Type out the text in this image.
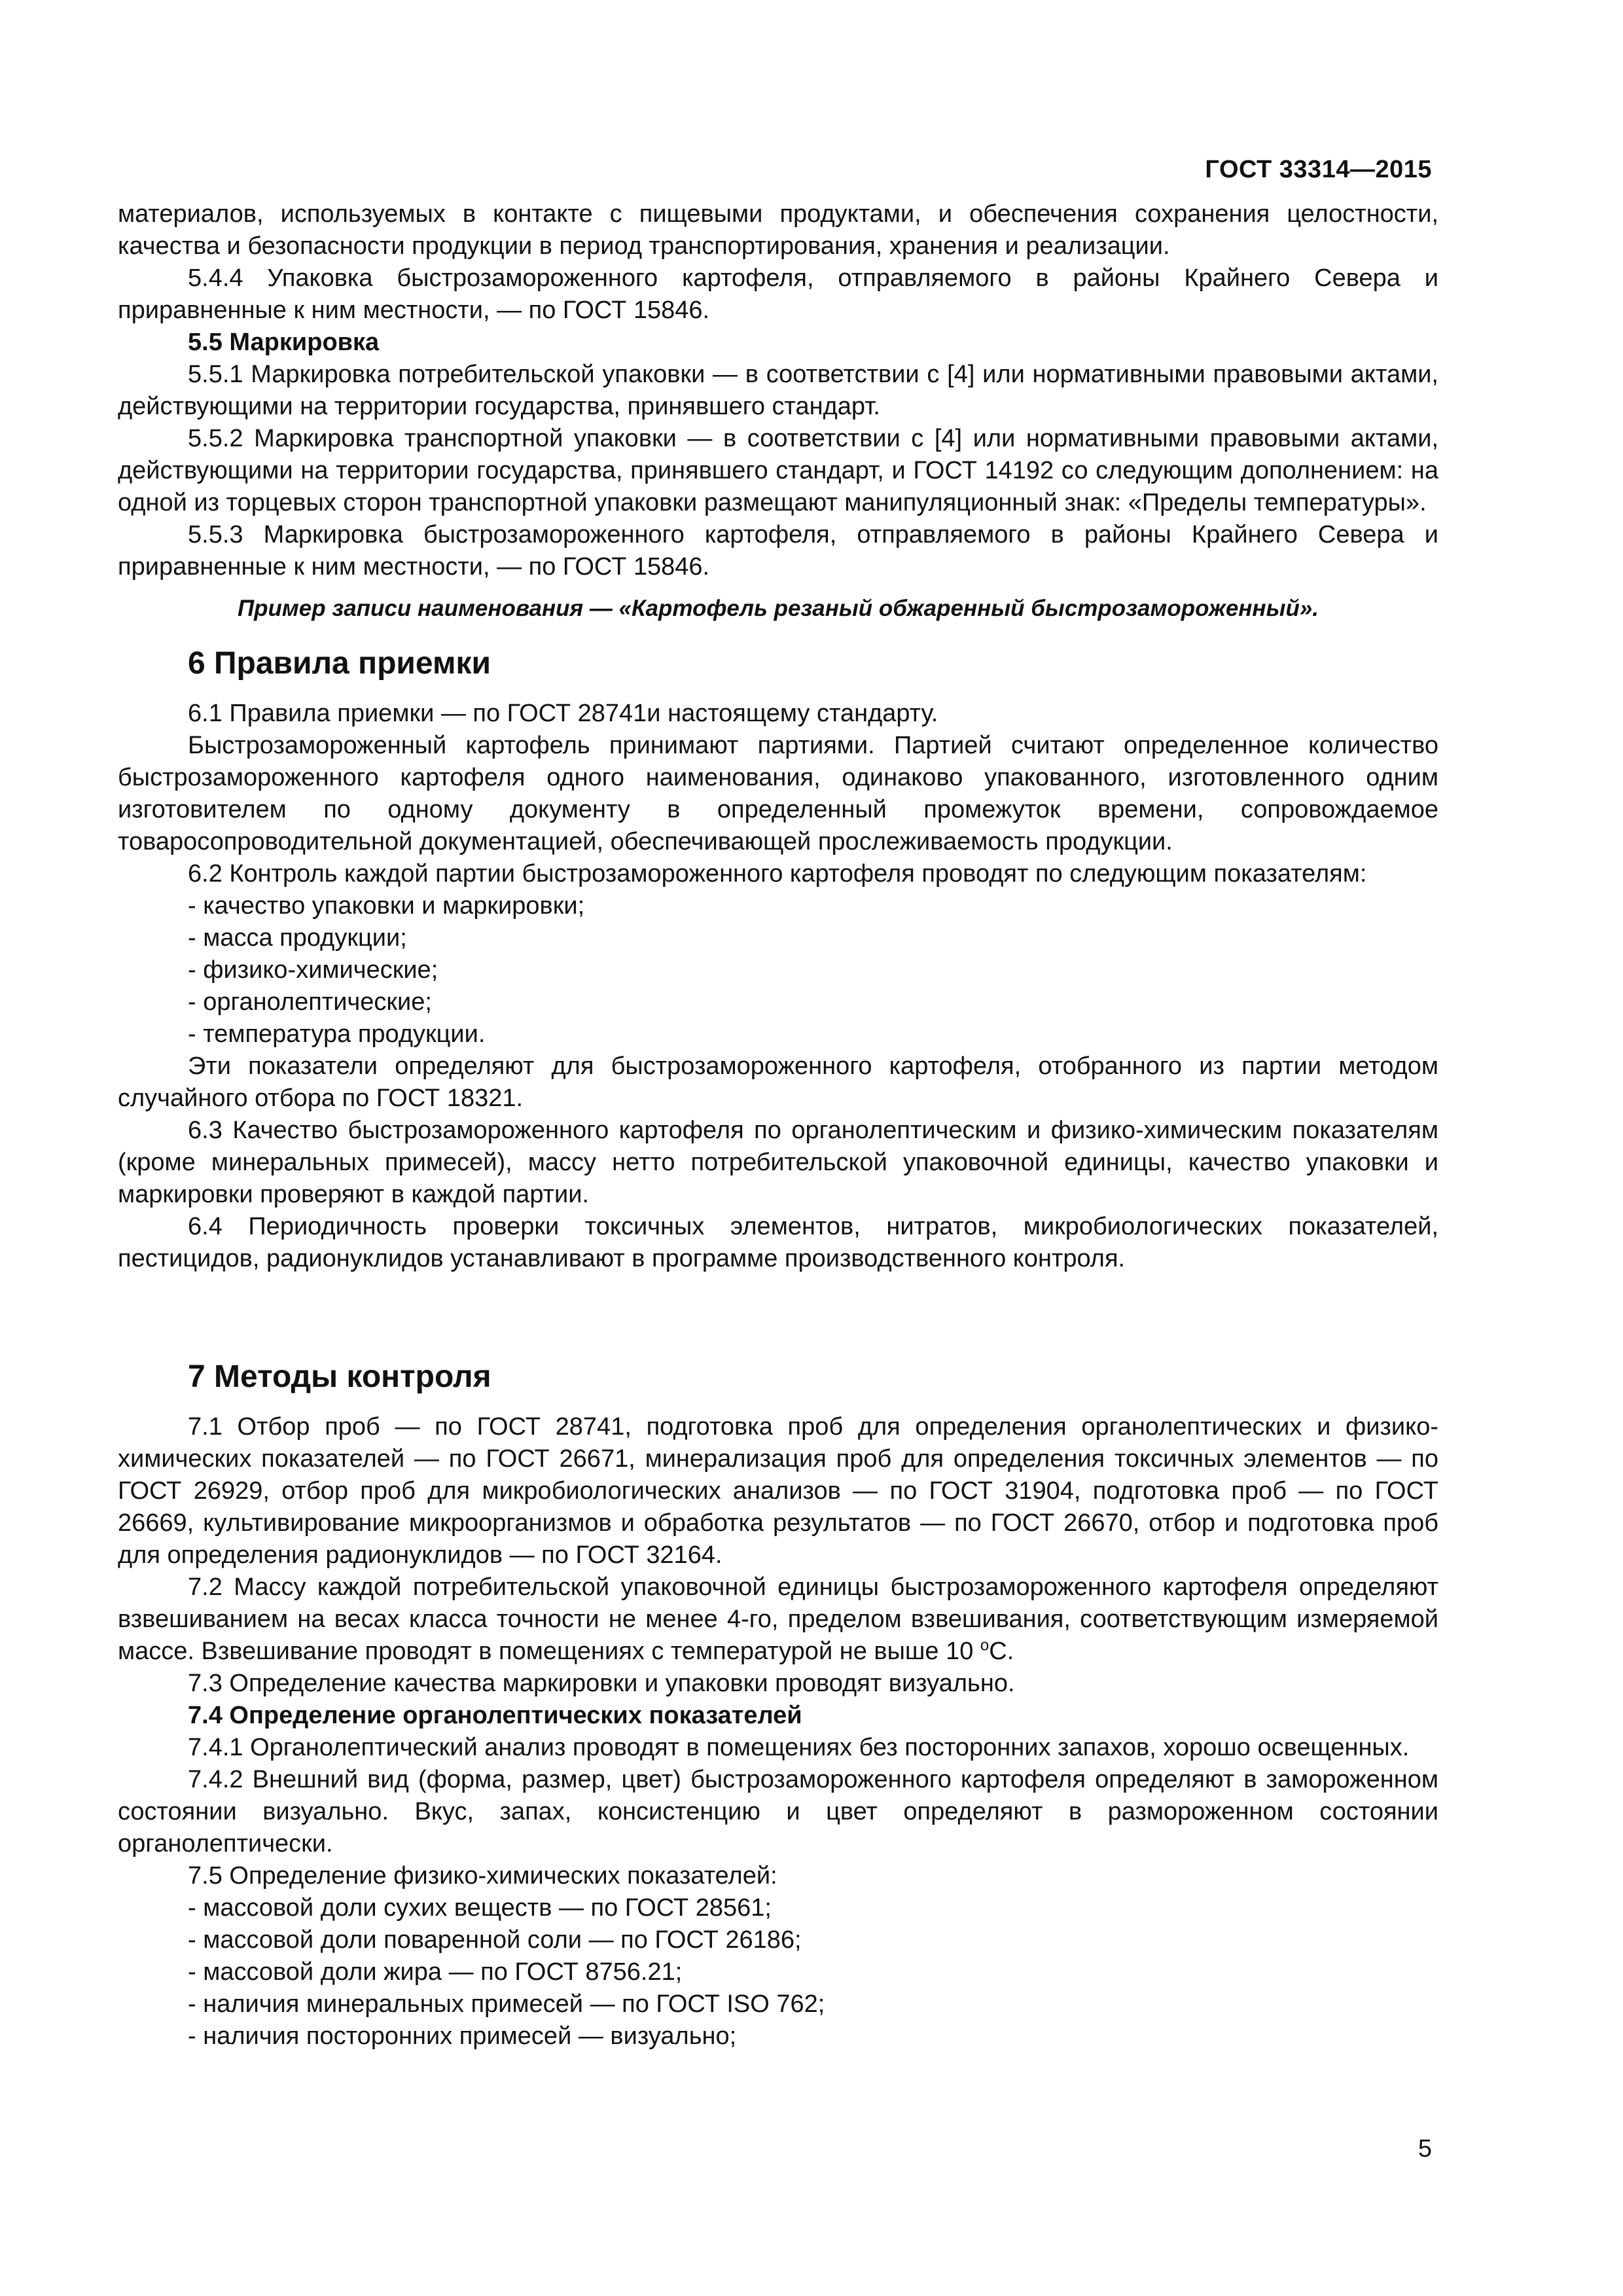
ГОСТ 33314—2015

материалов, используемых в контакте с пищевыми продуктами, и обеспечения сохранения целостности, качества и безопасности продукции в период транспортирования, хранения и реализации.

5.4.4 Упаковка быстрозамороженного картофеля, отправляемого в районы Крайнего Севера и приравненные к ним местности, — по ГОСТ 15846.

5.5 Маркировка

5.5.1 Маркировка потребительской упаковки — в соответствии с [4] или нормативными правовыми актами, действующими на территории государства, принявшего стандарт.

5.5.2 Маркировка транспортной упаковки — в соответствии с [4] или нормативными правовыми актами, действующими на территории государства, принявшего стандарт, и ГОСТ 14192 со следующим дополнением: на одной из торцевых сторон транспортной упаковки размещают манипуляционный знак: «Пределы температуры».

5.5.3 Маркировка быстрозамороженного картофеля, отправляемого в районы Крайнего Севера и приравненные к ним местности, — по ГОСТ 15846.

Пример записи наименования — «Картофель резаный обжаренный быстрозамороженный».

6 Правила приемки

6.1 Правила приемки — по ГОСТ 28741и настоящему стандарту.

Быстрозамороженный картофель принимают партиями. Партией считают определенное количество быстрозамороженного картофеля одного наименования, одинаково упакованного, изготовленного одним изготовителем по одному документу в определенный промежуток времени, сопровождаемое товаросопроводительной документацией, обеспечивающей прослеживаемость продукции.

6.2 Контроль каждой партии быстрозамороженного картофеля проводят по следующим показателям:

- качество упаковки и маркировки;

- масса продукции;

- физико-химические;

- органолептические;

- температура продукции.

Эти показатели определяют для быстрозамороженного картофеля, отобранного из партии методом случайного отбора по ГОСТ 18321.

6.3 Качество быстрозамороженного картофеля по органолептическим и физико-химическим показателям (кроме минеральных примесей), массу нетто потребительской упаковочной единицы, качество упаковки и маркировки проверяют в каждой партии.

6.4 Периодичность проверки токсичных элементов, нитратов, микробиологических показателей, пестицидов, радионуклидов устанавливают в программе производственного контроля.

7 Методы контроля

7.1 Отбор проб — по ГОСТ 28741, подготовка проб для определения органолептических и физико-химических показателей — по ГОСТ 26671, минерализация проб для определения токсичных элементов — по ГОСТ 26929, отбор проб для микробиологических анализов — по ГОСТ 31904, подготовка проб — по ГОСТ 26669, культивирование микроорганизмов и обработка результатов — по ГОСТ 26670, отбор и подготовка проб для определения радионуклидов — по ГОСТ 32164.

7.2 Массу каждой потребительской упаковочной единицы быстрозамороженного картофеля определяют взвешиванием на весах класса точности не менее 4-го, пределом взвешивания, соответствующим измеряемой массе. Взвешивание проводят в помещениях с температурой не выше 10 $^о$С.

7.3 Определение качества маркировки и упаковки проводят визуально.

7.4 Определение органолептических показателей

7.4.1 Органолептический анализ проводят в помещениях без посторонних запахов, хорошо освещенных.

7.4.2 Внешний вид (форма, размер, цвет) быстрозамороженного картофеля определяют в замороженном состоянии визуально. Вкус, запах, консистенцию и цвет определяют в размороженном состоянии органолептически.

7.5 Определение физико-химических показателей:

- массовой доли сухих веществ — по ГОСТ 28561;

- массовой доли поваренной соли — по ГОСТ 26186;

- массовой доли жира — по ГОСТ 8756.21;

- наличия минеральных примесей — по ГОСТ ISO 762;

- наличия посторонних примесей — визуально;

5
